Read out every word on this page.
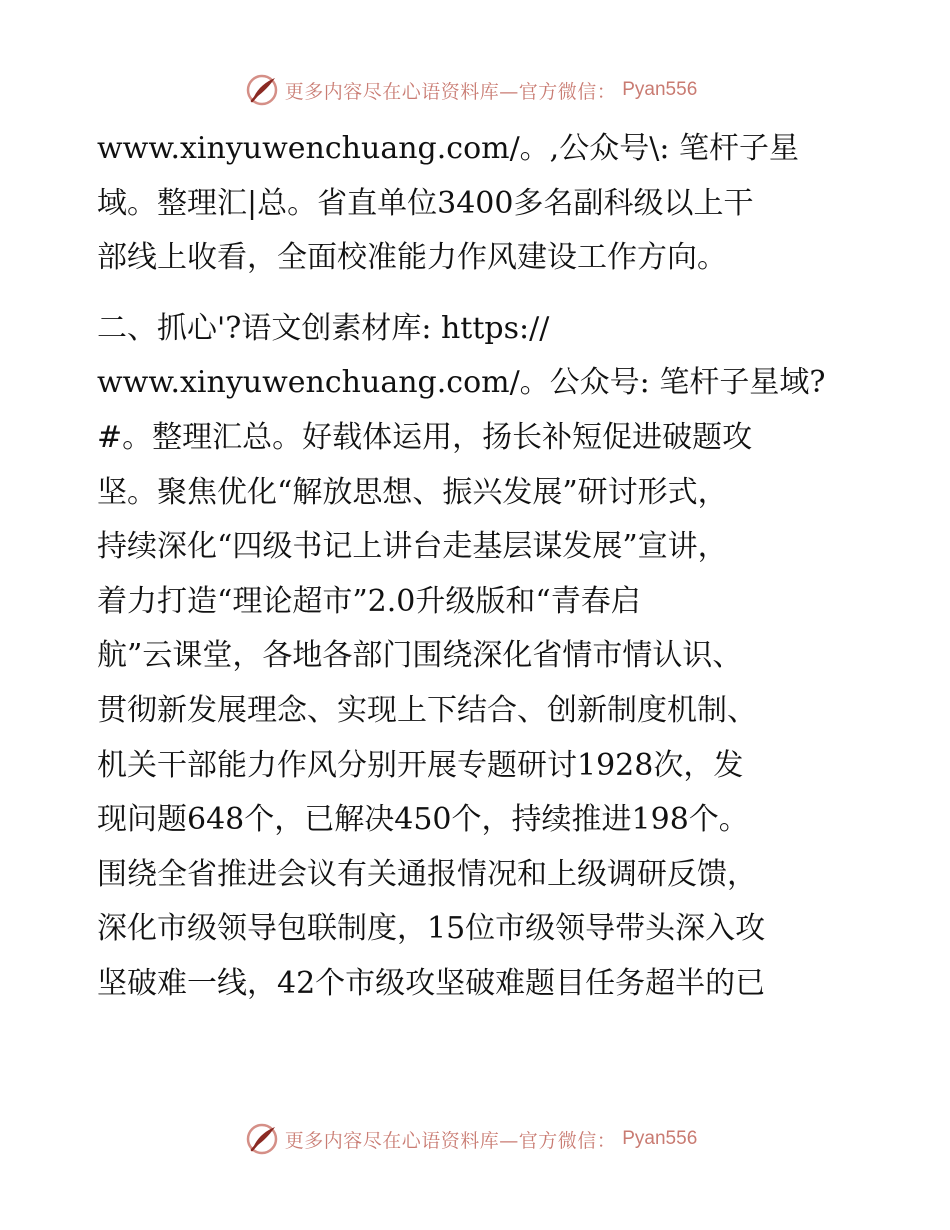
更多内容尽在心语资料库—官方微信： Pyan556
www.xinyuwenchuang.com/。,公众号\: 笔杆子星
域。整理汇|总。省直单位3400多名副科级以上干
部线上收看，全面校准能力作风建设工作方向。
二、抓心'?语文创素材库: https://
www.xinyuwenchuang.com/。公众号: 笔杆子星域?
#。整理汇总。好载体运用，扬长补短促进破题攻
坚。聚焦优化“解放思想、振兴发展”研讨形式，
持续深化“四级书记上讲台走基层谋发展”宣讲，
着力打造“理论超市”2.0升级版和“青春启
航”云课堂，各地各部门围绕深化省情市情认识、
贯彻新发展理念、实现上下结合、创新制度机制、
机关干部能力作风分别开展专题研讨1928次，发
现问题648个，已解决450个，持续推进198个。
围绕全省推进会议有关通报情况和上级调研反馈，
深化市级领导包联制度，15位市级领导带头深入攻
坚破难一线，42个市级攻坚破难题目任务超半的已
更多内容尽在心语资料库—官方微信： Pyan556
